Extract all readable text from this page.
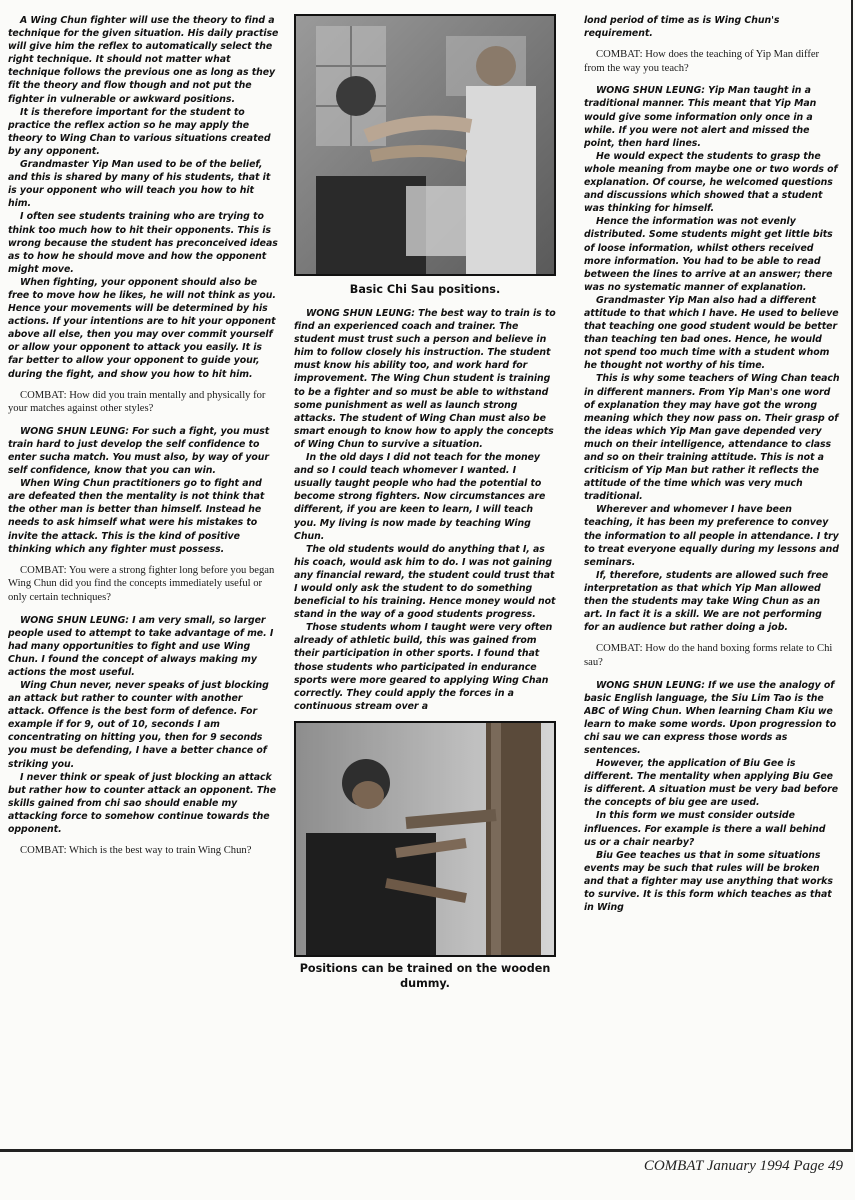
A Wing Chun fighter will use the theory to find a technique for the given situation. His daily practise will give him the reflex to automatically select the right technique. It should not matter what technique follows the previous one as long as they fit the theory and flow though and not put the fighter in vulnerable or awkward positions.

It is therefore important for the student to practice the reflex action so he may apply the theory to Wing Chan to various situations created by any opponent.

Grandmaster Yip Man used to be of the belief, and this is shared by many of his students, that it is your opponent who will teach you how to hit him.

I often see students training who are trying to think too much how to hit their opponents. This is wrong because the student has preconceived ideas as to how he should move and how the opponent might move.

When fighting, your opponent should also be free to move how he likes, he will not think as you. Hence your movements will be determined by his actions. If your intentions are to hit your opponent above all else, then you may over commit yourself or allow your opponent to attack you easily. It is far better to allow your opponent to guide your, during the fight, and show you how to hit him.

COMBAT: How did you train mentally and physically for your matches against other styles?

WONG SHUN LEUNG: For such a fight, you must train hard to just develop the self confidence to enter sucha match. You must also, by way of your self confidence, know that you can win.

When Wing Chun practitioners go to fight and are defeated then the mentality is not think that the other man is better than himself. Instead he needs to ask himself what were his mistakes to invite the attack. This is the kind of positive thinking which any fighter must possess.

COMBAT: You were a strong fighter long before you began Wing Chun did you find the concepts immediately useful or only certain techniques?

WONG SHUN LEUNG: I am very small, so larger people used to attempt to take advantage of me. I had many opportunities to fight and use Wing Chun. I found the concept of always making my actions the most useful.

Wing Chun never, never speaks of just blocking an attack but rather to counter with another attack. Offence is the best form of defence. For example if for 9, out of 10, seconds I am concentrating on hitting you, then for 9 seconds you must be defending, I have a better chance of striking you.

I never think or speak of just blocking an attack but rather how to counter attack an opponent. The skills gained from chi sao should enable my attacking force to somehow continue towards the opponent.

COMBAT: Which is the best way to train Wing Chun?

Basic Chi Sau positions.

WONG SHUN LEUNG: The best way to train is to find an experienced coach and trainer. The student must trust such a person and believe in him to follow closely his instruction. The student must know his ability too, and work hard for improvement. The Wing Chun student is training to be a fighter and so must be able to withstand some punishment as well as launch strong attacks. The student of Wing Chan must also be smart enough to know how to apply the concepts of Wing Chun to survive a situation.

In the old days I did not teach for the money and so I could teach whomever I wanted. I usually taught people who had the potential to become strong fighters. Now circumstances are different, if you are keen to learn, I will teach you. My living is now made by teaching Wing Chun.

The old students would do anything that I, as his coach, would ask him to do. I was not gaining any financial reward, the student could trust that I would only ask the student to do something beneficial to his training. Hence money would not stand in the way of a good students progress.

Those students whom I taught were very often already of athletic build, this was gained from their participation in other sports. I found that those students who participated in endurance sports were more geared to applying Wing Chan correctly. They could apply the forces in a continuous stream over a

Positions can be trained on the wooden dummy.

lond period of time as is Wing Chun's requirement.

COMBAT: How does the teaching of Yip Man differ from the way you teach?

WONG SHUN LEUNG: Yip Man taught in a traditional manner. This meant that Yip Man would give some information only once in a while. If you were not alert and missed the point, then hard lines.

He would expect the students to grasp the whole meaning from maybe one or two words of explanation. Of course, he welcomed questions and discussions which showed that a student was thinking for himself.

Hence the information was not evenly distributed. Some students might get little bits of loose information, whilst others received more information. You had to be able to read between the lines to arrive at an answer; there was no systematic manner of explanation.

Grandmaster Yip Man also had a different attitude to that which I have. He used to believe that teaching one good student would be better than teaching ten bad ones. Hence, he would not spend too much time with a student whom he thought not worthy of his time.

This is why some teachers of Wing Chan teach in different manners. From Yip Man's one word of explanation they may have got the wrong meaning which they now pass on. Their grasp of the ideas which Yip Man gave depended very much on their intelligence, attendance to class and so on their training attitude. This is not a criticism of Yip Man but rather it reflects the attitude of the time which was very much traditional.

Wherever and whomever I have been teaching, it has been my preference to convey the information to all people in attendance. I try to treat everyone equally during my lessons and seminars.

If, therefore, students are allowed such free interpretation as that which Yip Man allowed then the students may take Wing Chun as an art. In fact it is a skill. We are not performing for an audience but rather doing a job.

COMBAT: How do the hand boxing forms relate to Chi sau?

WONG SHUN LEUNG: If we use the analogy of basic English language, the Siu Lim Tao is the ABC of Wing Chun. When learning Cham Kiu we learn to make some words. Upon progression to chi sau we can express those words as sentences.

However, the application of Biu Gee is different. The mentality when applying Biu Gee is different. A situation must be very bad before the concepts of biu gee are used.

In this form we must consider outside influences. For example is there a wall behind us or a chair nearby?

Biu Gee teaches us that in some situations events may be such that rules will be broken and that a fighter may use anything that works to survive. It is this form which teaches as that in Wing

COMBAT January 1994 Page 49
